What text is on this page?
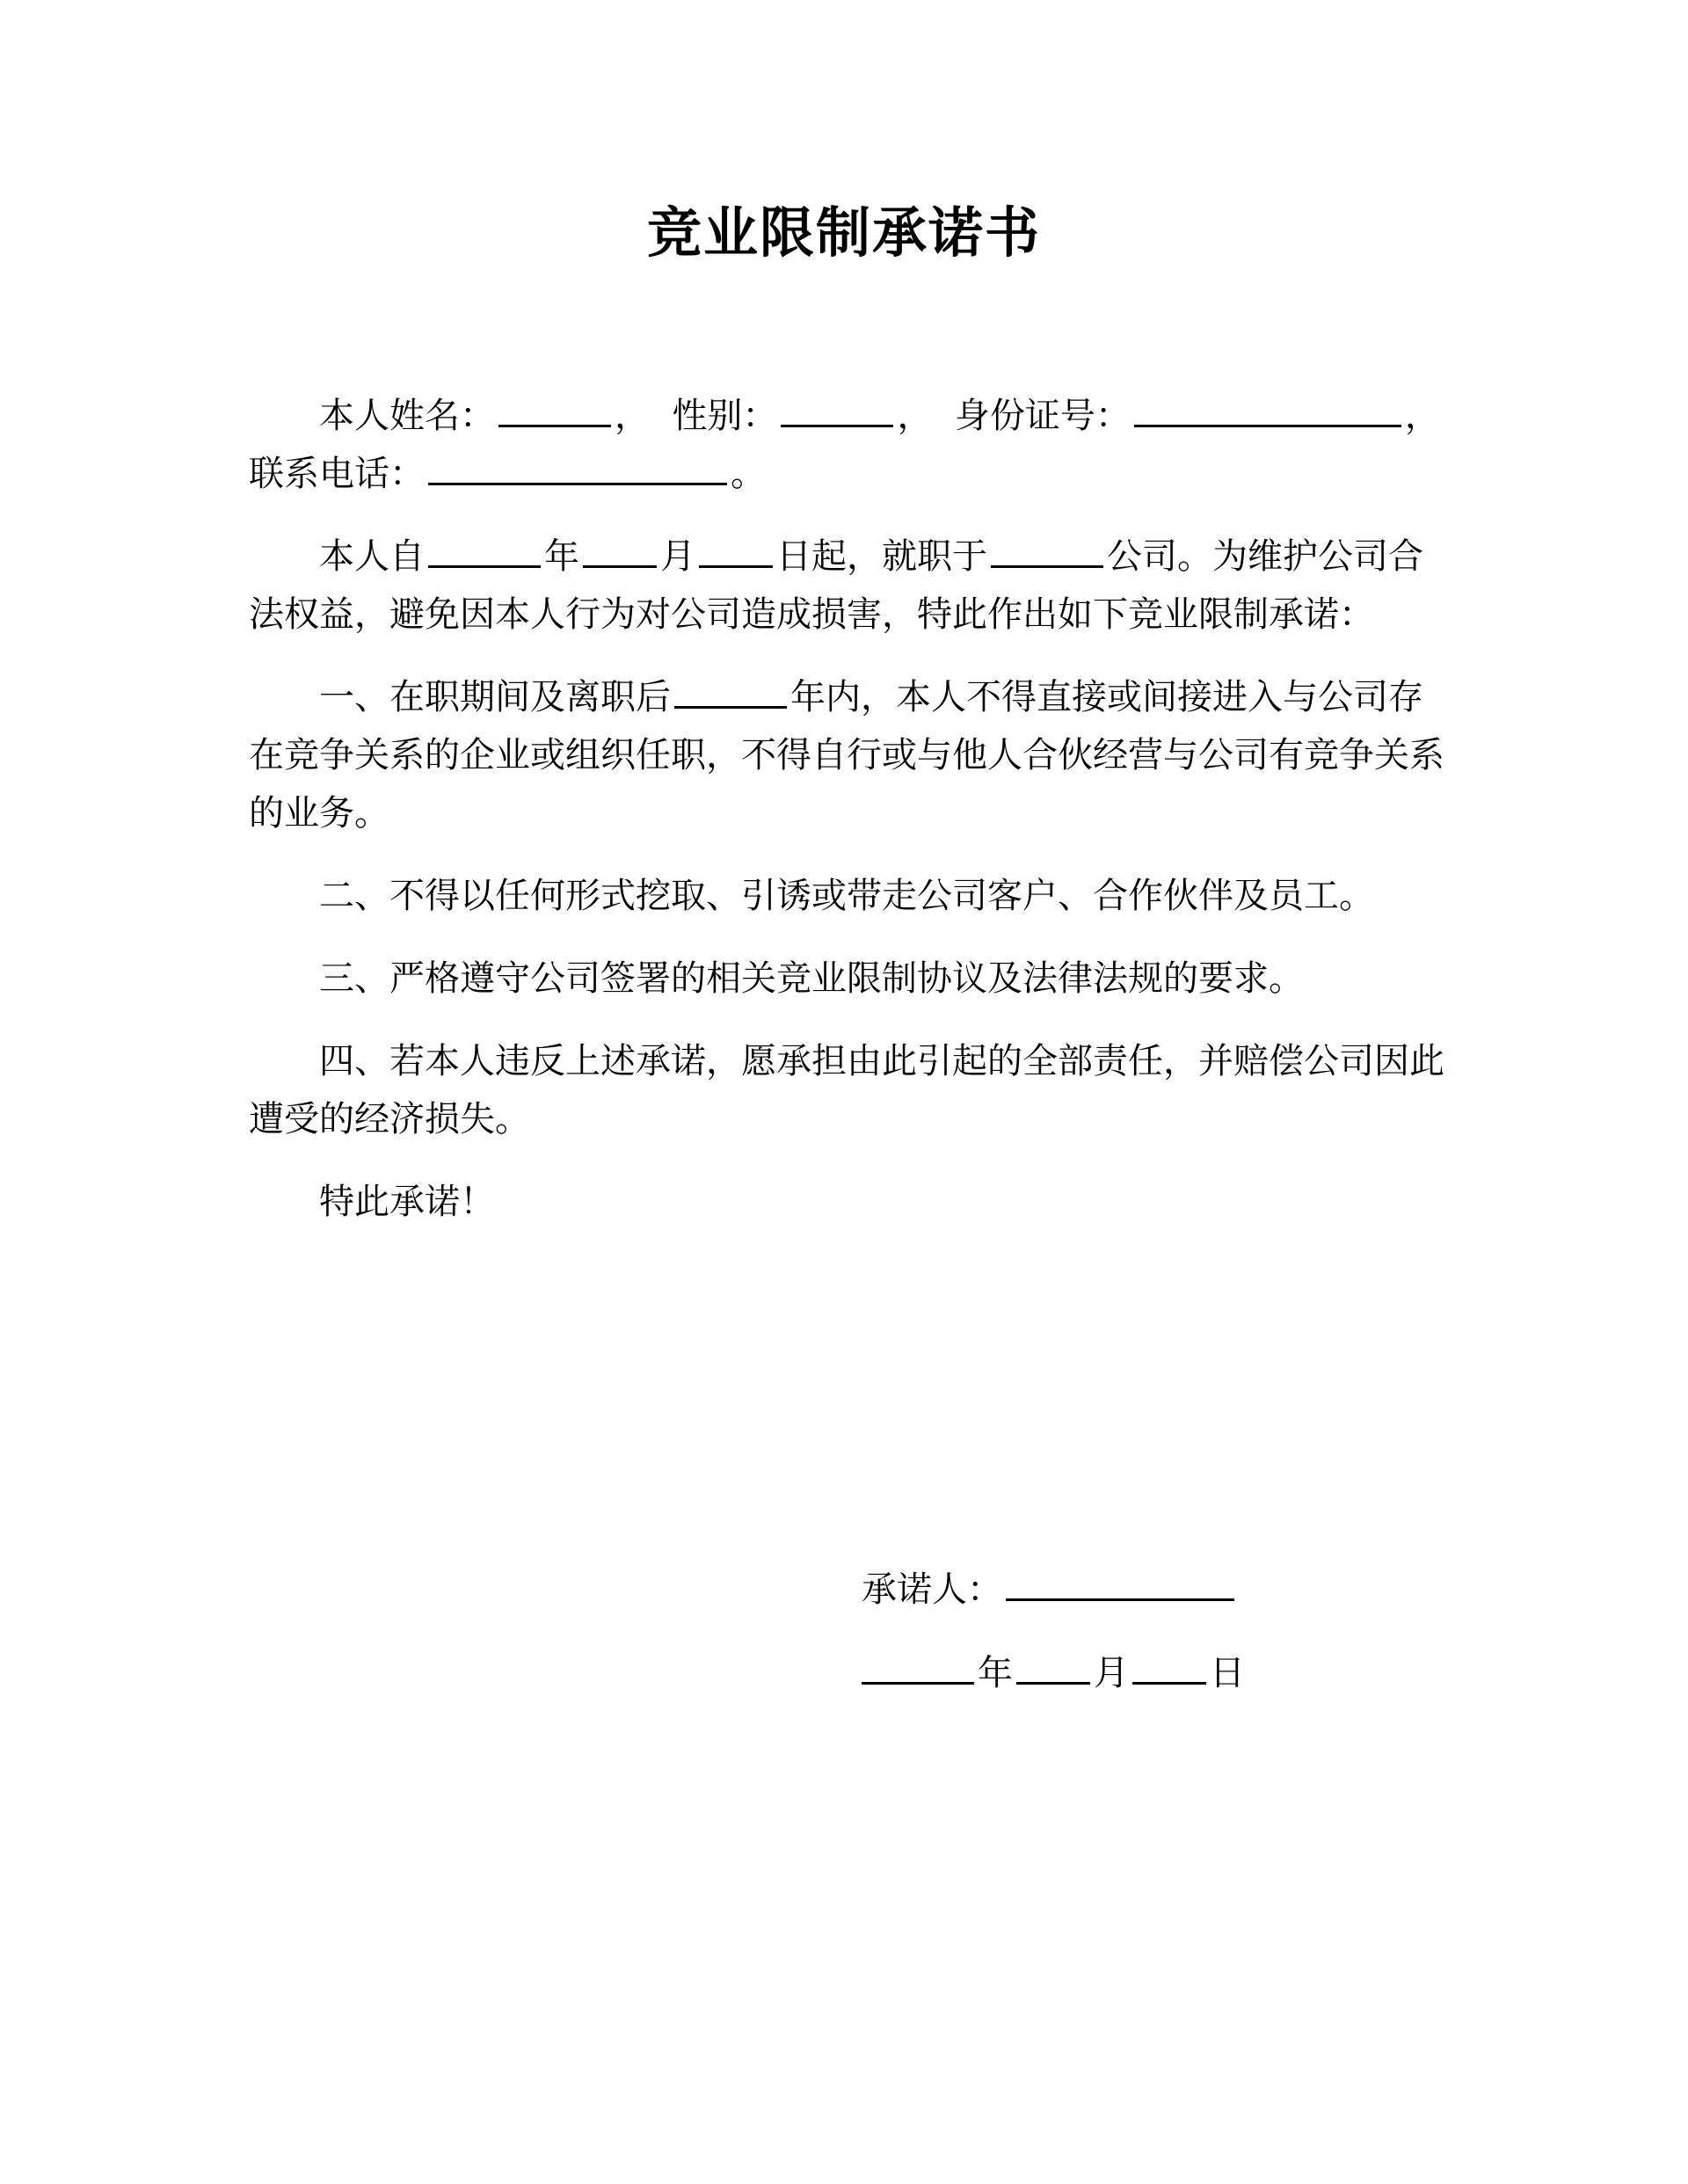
竞业限制承诺书

本人姓名：	， 性别：	， 身份证号：	，联系电话：	。

本人自	年 月 日起，就职于	公司。为维护公司合法权益，避免因本人行为对公司造成损害，特此作出如下竞业限制承诺：

一、在职期间及离职后	年内，本人不得直接或间接进入与公司存在竞争关系的企业或组织任职，不得自行或与他人合伙经营与公司有竞争关系的业务。

二、不得以任何形式挖取、引诱或带走公司客户、合作伙伴及员工。

三、严格遵守公司签署的相关竞业限制协议及法律法规的要求。

四、若本人违反上述承诺，愿承担由此引起的全部责任，并赔偿公司因此遭受的经济损失。

特此承诺！

承诺人：
年 月 日
